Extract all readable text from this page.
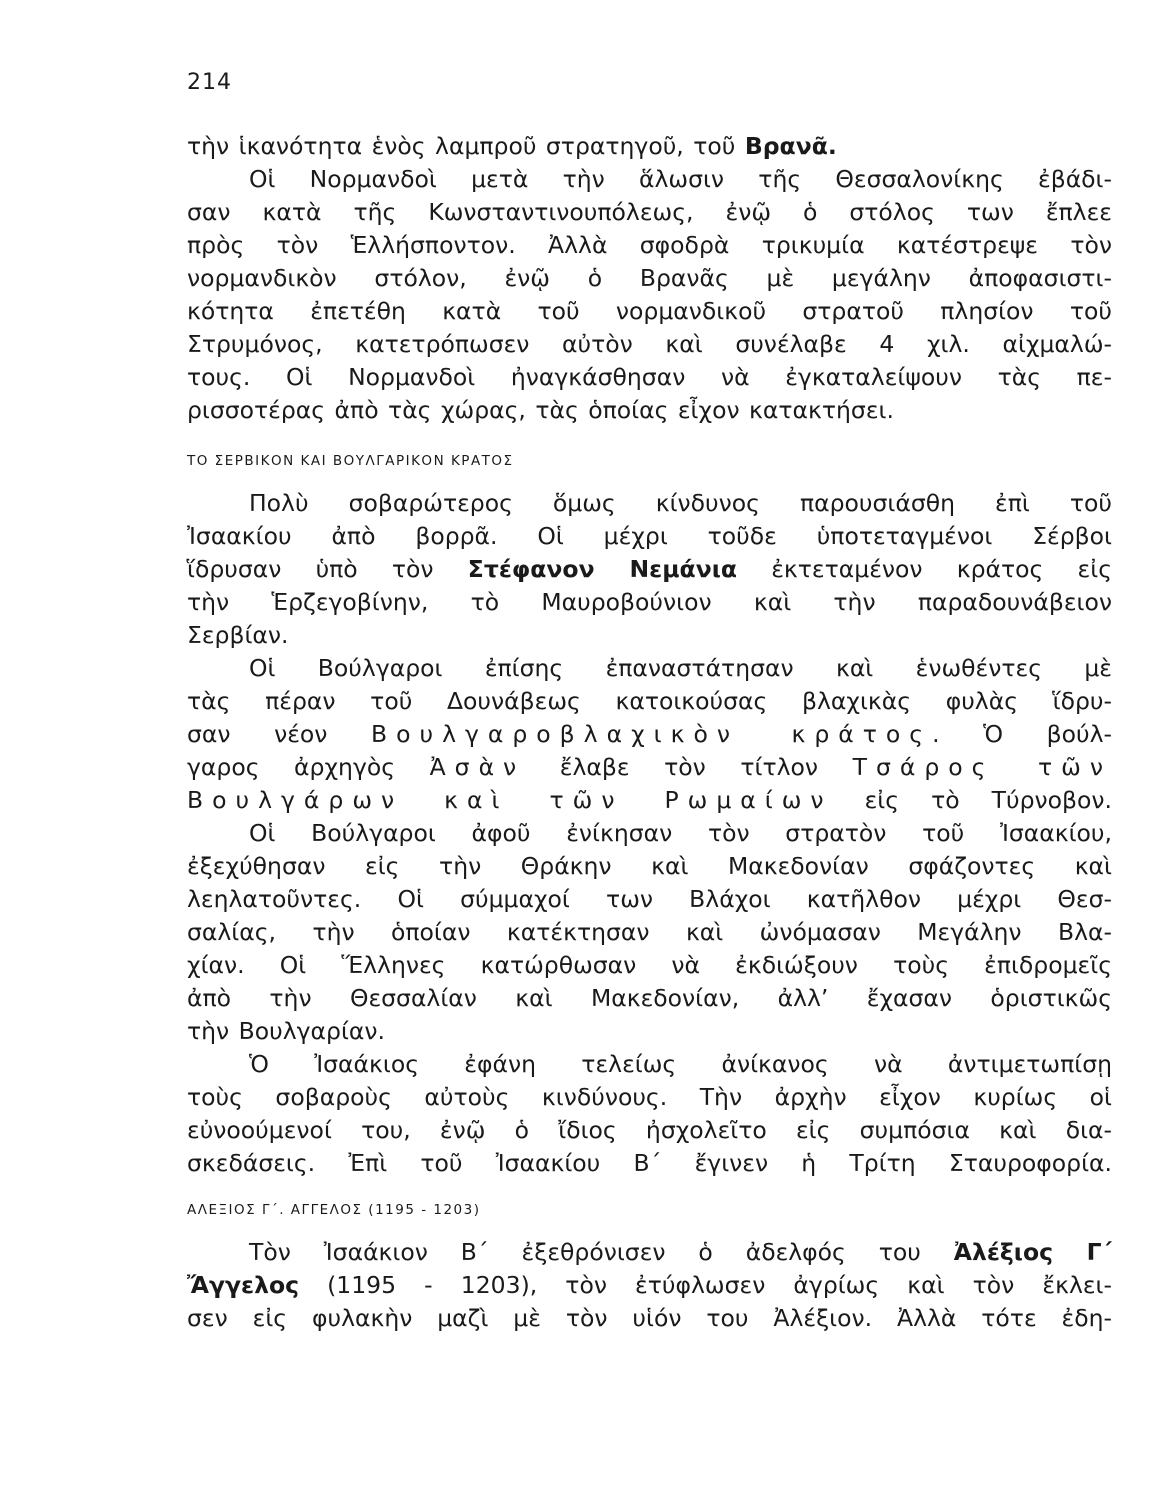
214

τὴν ἱκανότητα ἑνὸς λαμπροῦ στρατηγοῦ, τοῦ Βρανᾶ.

Οἱ Νορμανδοὶ μετὰ τὴν ἅλωσιν τῆς Θεσσαλονίκης ἐβάδι-

σαν κατὰ τῆς Κωνσταντινουπόλεως, ἐνῷ ὁ στόλος των ἔπλεε

πρὸς τὸν Ἑλλήσποντον. Ἀλλὰ σφοδρὰ τρικυμία κατέστρεψε τὸν

νορμανδικὸν στόλον, ἐνῷ ὁ Βρανᾶς μὲ μεγάλην ἀποφασιστι-

κότητα ἐπετέθη κατὰ τοῦ νορμανδικοῦ στρατοῦ πλησίον τοῦ

Στρυμόνος, κατετρόπωσεν αὐτὸν καὶ συνέλαβε 4 χιλ. αἰχμαλώ-

τους. Οἱ Νορμανδοὶ ἠναγκάσθησαν νὰ ἐγκαταλείψουν τὰς πε-

ρισσοτέρας ἀπὸ τὰς χώρας, τὰς ὁποίας εἶχον κατακτήσει.

ΤΟ ΣΕΡΒΙΚΟΝ ΚΑΙ ΒΟΥΛΓΑΡΙΚΟΝ ΚΡΑΤΟΣ

Πολὺ σοβαρώτερος ὅμως κίνδυνος παρουσιάσθη ἐπὶ τοῦ

Ἰσαακίου ἀπὸ βορρᾶ. Οἱ μέχρι τοῦδε ὑποτεταγμένοι Σέρβοι

ἵδρυσαν ὑπὸ τὸν Στέφανον Νεμάνια ἐκτεταμένον κράτος εἰς

τὴν Ἑρζεγοβίνην, τὸ Μαυροβούνιον καὶ τὴν παραδουνάβειον

Σερβίαν.

Οἱ Βούλγαροι ἐπίσης ἐπαναστάτησαν καὶ ἑνωθέντες μὲ

τὰς πέραν τοῦ Δουνάβεως κατοικούσας βλαχικὰς φυλὰς ἵδρυ-

σαν νέον Βουλγαροβλαχικὸν κράτος. Ὁ βούλ-

γαρος ἀρχηγὸς Ἀσὰν ἔλαβε τὸν τίτλον Τσάρος τῶν

Βουλγάρων καὶ τῶν Ρωμαίων εἰς τὸ Τύρνοβον.

Οἱ Βούλγαροι ἀφοῦ ἐνίκησαν τὸν στρατὸν τοῦ Ἰσαακίου,

ἐξεχύθησαν εἰς τὴν Θράκην καὶ Μακεδονίαν σφάζοντες καὶ

λεηλατοῦντες. Οἱ σύμμαχοί των Βλάχοι κατῆλθον μέχρι Θεσ-

σαλίας, τὴν ὁποίαν κατέκτησαν καὶ ὠνόμασαν Μεγάλην Βλα-

χίαν. Οἱ Ἕλληνες κατώρθωσαν νὰ ἐκδιώξουν τοὺς ἐπιδρομεῖς

ἀπὸ τὴν Θεσσαλίαν καὶ Μακεδονίαν, ἀλλ’ ἔχασαν ὁριστικῶς

τὴν Βουλγαρίαν.

Ὁ Ἰσαάκιος ἐφάνη τελείως ἀνίκανος νὰ ἀντιμετωπίσῃ

τοὺς σοβαροὺς αὐτοὺς κινδύνους. Τὴν ἀρχὴν εἶχον κυρίως οἱ

εὐνοούμενοί του, ἐνῷ ὁ ἴδιος ἠσχολεῖτο εἰς συμπόσια καὶ δια-

σκεδάσεις. Ἐπὶ τοῦ Ἰσαακίου Β΄ ἔγινεν ἡ Τρίτη Σταυροφορία.

ΑΛΕΞΙΟΣ Γ΄. ΑΓΓΕΛΟΣ (1195 - 1203)

Τὸν Ἰσαάκιον Β΄ ἐξεθρόνισεν ὁ ἀδελφός του Ἀλέξιος Γ΄

Ἄγγελος (1195 - 1203), τὸν ἐτύφλωσεν ἀγρίως καὶ τὸν ἔκλει-

σεν εἰς φυλακὴν μαζὶ μὲ τὸν υἱόν του Ἀλέξιον. Ἀλλὰ τότε ἐδη-
